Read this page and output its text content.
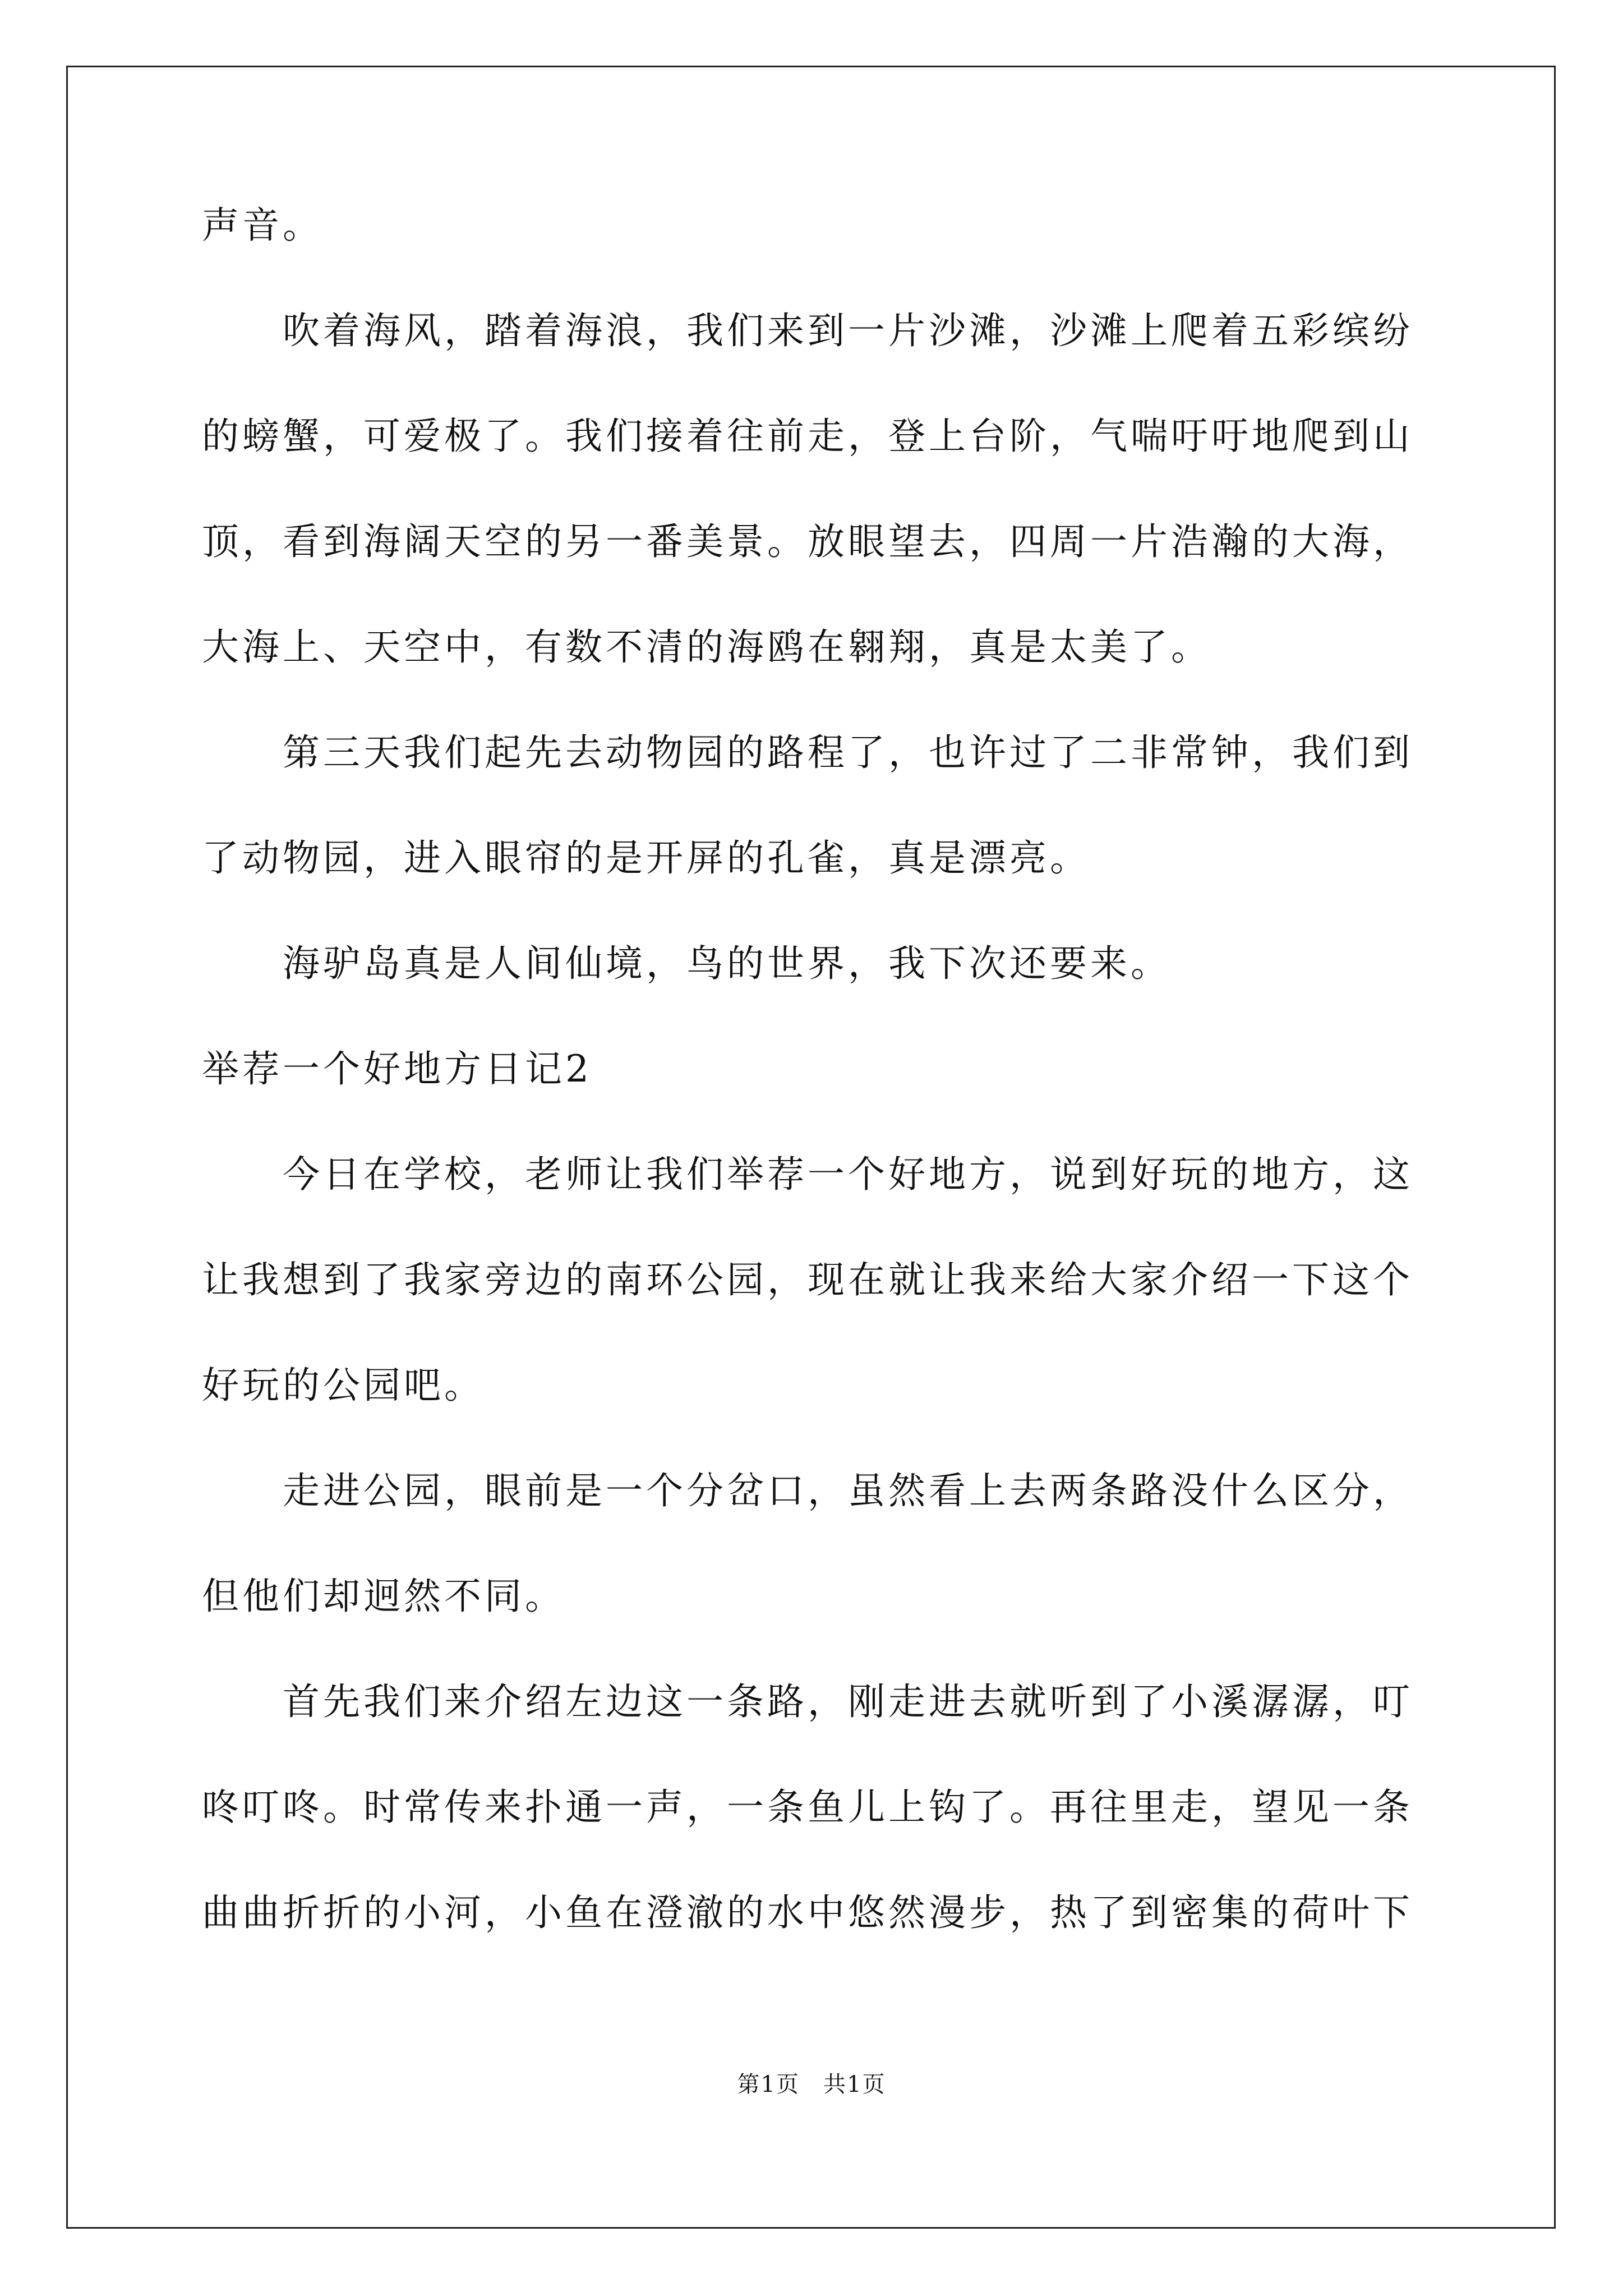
声音。
吹着海风，踏着海浪，我们来到一片沙滩，沙滩上爬着五彩缤纷
的螃蟹，可爱极了。我们接着往前走，登上台阶，气喘吁吁地爬到山
顶，看到海阔天空的另一番美景。放眼望去，四周一片浩瀚的大海，
大海上、天空中，有数不清的海鸥在翱翔，真是太美了。
第三天我们起先去动物园的路程了，也许过了二非常钟，我们到
了动物园，进入眼帘的是开屏的孔雀，真是漂亮。
海驴岛真是人间仙境，鸟的世界，我下次还要来。
举荐一个好地方日记2
今日在学校，老师让我们举荐一个好地方，说到好玩的地方，这
让我想到了我家旁边的南环公园，现在就让我来给大家介绍一下这个
好玩的公园吧。
走进公园，眼前是一个分岔口，虽然看上去两条路没什么区分，
但他们却迥然不同。
首先我们来介绍左边这一条路，刚走进去就听到了小溪潺潺，叮
咚叮咚。时常传来扑通一声，一条鱼儿上钩了。再往里走，望见一条
曲曲折折的小河，小鱼在澄澈的水中悠然漫步，热了到密集的荷叶下
第1页　共1页
